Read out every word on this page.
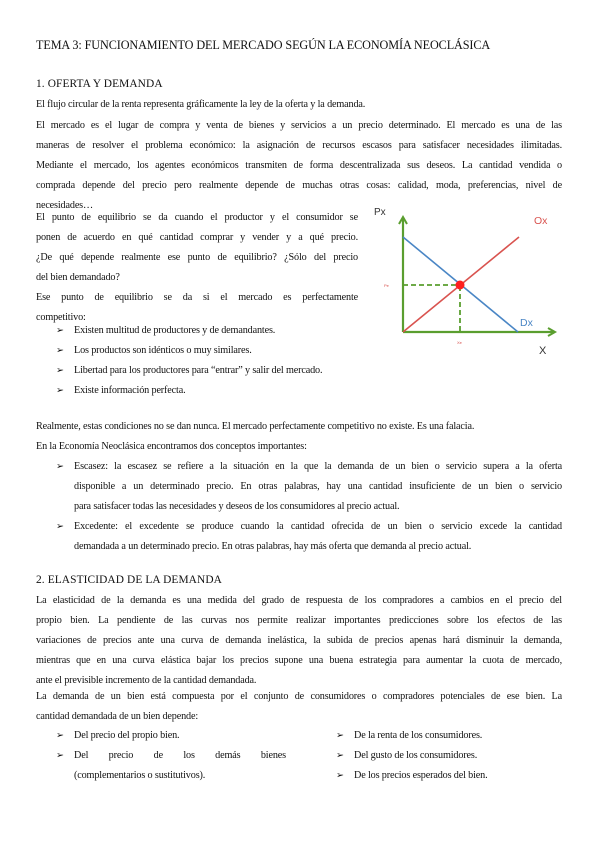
TEMA 3: FUNCIONAMIENTO DEL MERCADO SEGÚN LA ECONOMÍA NEOCLÁSICA
1. OFERTA Y DEMANDA
El flujo circular de la renta representa gráficamente la ley de la oferta y la demanda.
El mercado es el lugar de compra y venta de bienes y servicios a un precio determinado. El mercado es una de las
maneras de resolver el problema económico: la asignación de recursos escasos para satisfacer necesidades ilimitadas.
Mediante el mercado, los agentes económicos transmiten de forma descentralizada sus deseos. La cantidad vendida o
comprada depende del precio pero realmente depende de muchas otras cosas: calidad, moda, preferencias, nivel de
necesidades…
El punto de equilibrio se da cuando el productor y el consumidor se
ponen de acuerdo en qué cantidad comprar y vender y a qué precio.
¿De qué depende realmente ese punto de equilibrio? ¿Sólo del precio
del bien demandado?
Ese punto de equilibrio se da si el mercado es perfectamente
competitivo:
➢ Existen multitud de productores y de demandantes.
➢ Los productos son idénticos o muy similares.
➢ Libertad para los productores para “entrar” y salir del mercado.
➢ Existe información perfecta.
Px
X
Ox
Dx
Pe
Xe
Realmente, estas condiciones no se dan nunca. El mercado perfectamente competitivo no existe. Es una falacia.
En la Economía Neoclásica encontramos dos conceptos importantes:
➢ Escasez: la escasez se refiere a la situación en la que la demanda de un bien o servicio supera a la oferta
disponible a un determinado precio. En otras palabras, hay una cantidad insuficiente de un bien o servicio
para satisfacer todas las necesidades y deseos de los consumidores al precio actual.
➢ Excedente: el excedente se produce cuando la cantidad ofrecida de un bien o servicio excede la cantidad
demandada a un determinado precio. En otras palabras, hay más oferta que demanda al precio actual.
2. ELASTICIDAD DE LA DEMANDA
La elasticidad de la demanda es una medida del grado de respuesta de los compradores a cambios en el precio del
propio bien. La pendiente de las curvas nos permite realizar importantes predicciones sobre los efectos de las
variaciones de precios ante una curva de demanda inelástica, la subida de precios apenas hará disminuir la demanda,
mientras que en una curva elástica bajar los precios supone una buena estrategia para aumentar la cuota de mercado,
ante el previsible incremento de la cantidad demandada.
La demanda de un bien está compuesta por el conjunto de consumidores o compradores potenciales de ese bien. La
cantidad demandada de un bien depende:
➢ Del precio del propio bien.
➢ Del precio de los demás bienes
(complementarios o sustitutivos).
➢ De la renta de los consumidores.
➢ Del gusto de los consumidores.
➢ De los precios esperados del bien.
